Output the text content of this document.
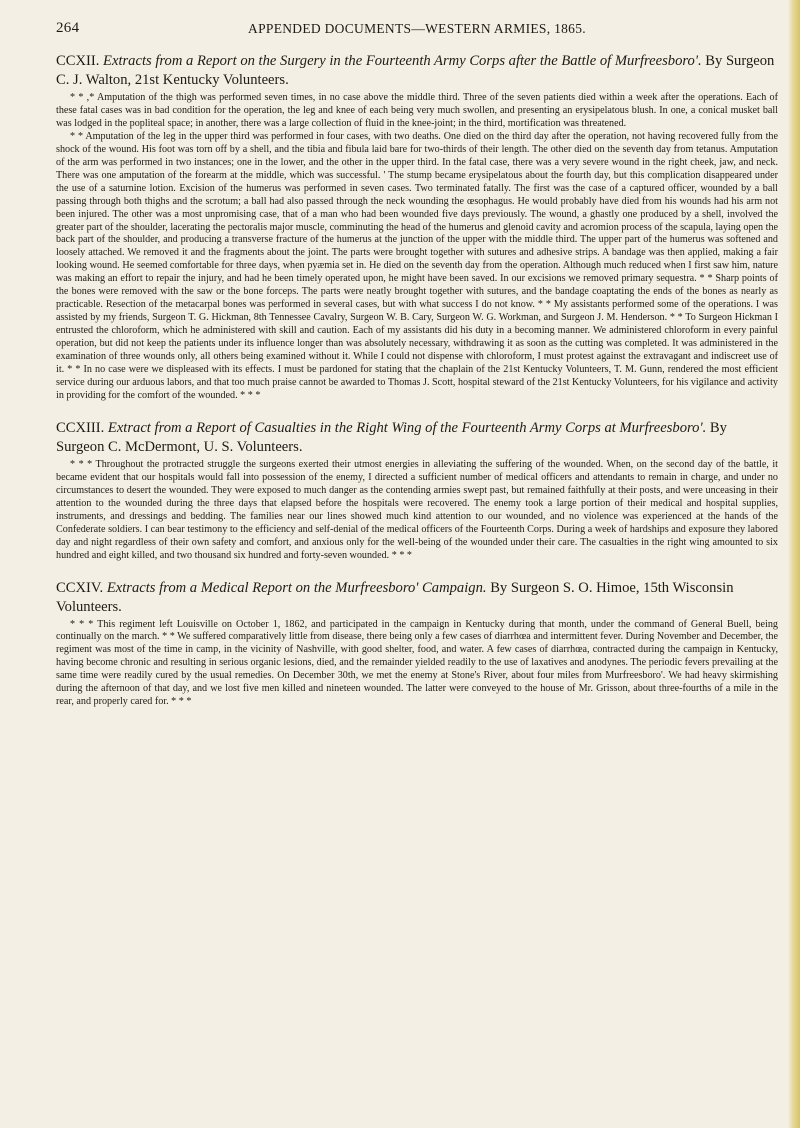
264	APPENDED DOCUMENTS—WESTERN ARMIES, 1865.
CCXII. Extracts from a Report on the Surgery in the Fourteenth Army Corps after the Battle of Murfreesboro'. By Surgeon C. J. Walton, 21st Kentucky Volunteers.

* * ,* Amputation of the thigh was performed seven times, in no case above the middle third. Three of the seven patients died within a week after the operations. Each of these fatal cases was in bad condition for the operation, the leg and knee of each being very much swollen, and presenting an erysipelatous blush. In one, a conical musket ball was lodged in the popliteal space; in another, there was a large collection of fluid in the knee-joint; in the third, mortification was threatened.

* * Amputation of the leg in the upper third was performed in four cases, with two deaths. One died on the third day after the operation, not having recovered fully from the shock of the wound. His foot was torn off by a shell, and the tibia and fibula laid bare for two-thirds of their length. The other died on the seventh day from tetanus. Amputation of the arm was performed in two instances; one in the lower, and the other in the upper third. In the fatal case, there was a very severe wound in the right cheek, jaw, and neck. There was one amputation of the forearm at the middle, which was successful. ' The stump became erysipelatous about the fourth day, but this complication disappeared under the use of a saturnine lotion. Excision of the humerus was performed in seven cases. Two terminated fatally. The first was the case of a captured officer, wounded by a ball passing through both thighs and the scrotum; a ball had also passed through the neck wounding the œsophagus. He would probably have died from his wounds had his arm not been injured. The other was a most unpromising case, that of a man who had been wounded five days previously. The wound, a ghastly one produced by a shell, involved the greater part of the shoulder, lacerating the pectoralis major muscle, comminuting the head of the humerus and glenoid cavity and acromion process of the scapula, laying open the back part of the shoulder, and producing a transverse fracture of the humerus at the junction of the upper with the middle third. The upper part of the humerus was softened and loosely attached. We removed it and the fragments about the joint. The parts were brought together with sutures and adhesive strips. A bandage was then applied, making a fair looking wound. He seemed comfortable for three days, when pyæmia set in. He died on the seventh day from the operation. Although much reduced when I first saw him, nature was making an effort to repair the injury, and had he been timely operated upon, he might have been saved. In our excisions we removed primary sequestra. * * Sharp points of the bones were removed with the saw or the bone forceps. The parts were neatly brought together with sutures, and the bandage coaptating the ends of the bones as nearly as practicable. Resection of the metacarpal bones was performed in several cases, but with what success I do not know. * * My assistants performed some of the operations. I was assisted by my friends, Surgeon T. G. Hickman, 8th Tennessee Cavalry, Surgeon W. B. Cary, Surgeon W. G. Workman, and Surgeon J. M. Henderson. * * To Surgeon Hickman I entrusted the chloroform, which he administered with skill and caution. Each of my assistants did his duty in a becoming manner. We administered chloroform in every painful operation, but did not keep the patients under its influence longer than was absolutely necessary, withdrawing it as soon as the cutting was completed. It was administered in the examination of three wounds only, all others being examined without it. While I could not dispense with chloroform, I must protest against the extravagant and indiscreet use of it. * * In no case were we displeased with its effects. I must be pardoned for stating that the chaplain of the 21st Kentucky Volunteers, T. M. Gunn, rendered the most efficient service during our arduous labors, and that too much praise cannot be awarded to Thomas J. Scott, hospital steward of the 21st Kentucky Volunteers, for his vigilance and activity in providing for the comfort of the wounded. * * *

CCXIII. Extract from a Report of Casualties in the Right Wing of the Fourteenth Army Corps at Murfreesboro'. By Surgeon C. McDermont, U. S. Volunteers.

* * * Throughout the protracted struggle the surgeons exerted their utmost energies in alleviating the suffering of the wounded. When, on the second day of the battle, it became evident that our hospitals would fall into possession of the enemy, I directed a sufficient number of medical officers and attendants to remain in charge, and under no circumstances to desert the wounded. They were exposed to much danger as the contending armies swept past, but remained faithfully at their posts, and were unceasing in their attention to the wounded during the three days that elapsed before the hospitals were recovered. The enemy took a large portion of their medical and hospital supplies, instruments, and dressings and bedding. The families near our lines showed much kind attention to our wounded, and no violence was experienced at the hands of the Confederate soldiers. I can bear testimony to the efficiency and self-denial of the medical officers of the Fourteenth Corps. During a week of hardships and exposure they labored day and night regardless of their own safety and comfort, and anxious only for the well-being of the wounded under their care. The casualties in the right wing amounted to six hundred and eight killed, and two thousand six hundred and forty-seven wounded. * * *

CCXIV. Extracts from a Medical Report on the Murfreesboro' Campaign. By Surgeon S. O. Himoe, 15th Wisconsin Volunteers.

* * * This regiment left Louisville on October 1, 1862, and participated in the campaign in Kentucky during that month, under the command of General Buell, being continually on the march. * * We suffered comparatively little from disease, there being only a few cases of diarrhœa and intermittent fever. During November and December, the regiment was most of the time in camp, in the vicinity of Nashville, with good shelter, food, and water. A few cases of diarrhœa, contracted during the campaign in Kentucky, having become chronic and resulting in serious organic lesions, died, and the remainder yielded readily to the use of laxatives and anodynes. The periodic fevers prevailing at the same time were readily cured by the usual remedies. On December 30th, we met the enemy at Stone's River, about four miles from Murfreesboro'. We had heavy skirmishing during the afternoon of that day, and we lost five men killed and nineteen wounded. The latter were conveyed to the house of Mr. Grisson, about three-fourths of a mile in the rear, and properly cared for. * * *
